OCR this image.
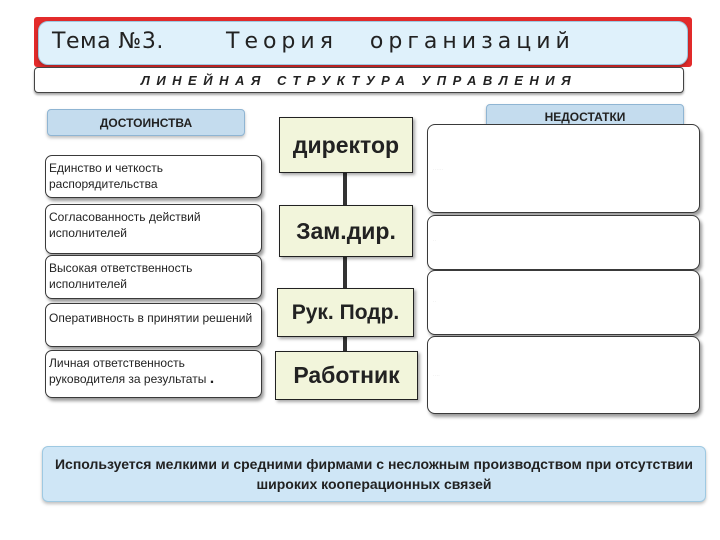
Тема №3.	Теория организаций
ЛИНЕЙНАЯ СТРУКТУРА УПРАВЛЕНИЯ
ДОСТОИНСТВА	НЕДОСТАТКИ
Единство и четкость распорядительства
Согласованность действий исполнителей
Высокая ответственность исполнителей
Оперативность в принятии решений
Личная ответственность руководителя за результаты .
директор
Зам.дир.
Рук. Подр.
Работник
· · · · · ·
· ·
· ·
· · · ·
Используется мелкими и средними фирмами с несложным производством при отсутствии широких кооперационных связей
